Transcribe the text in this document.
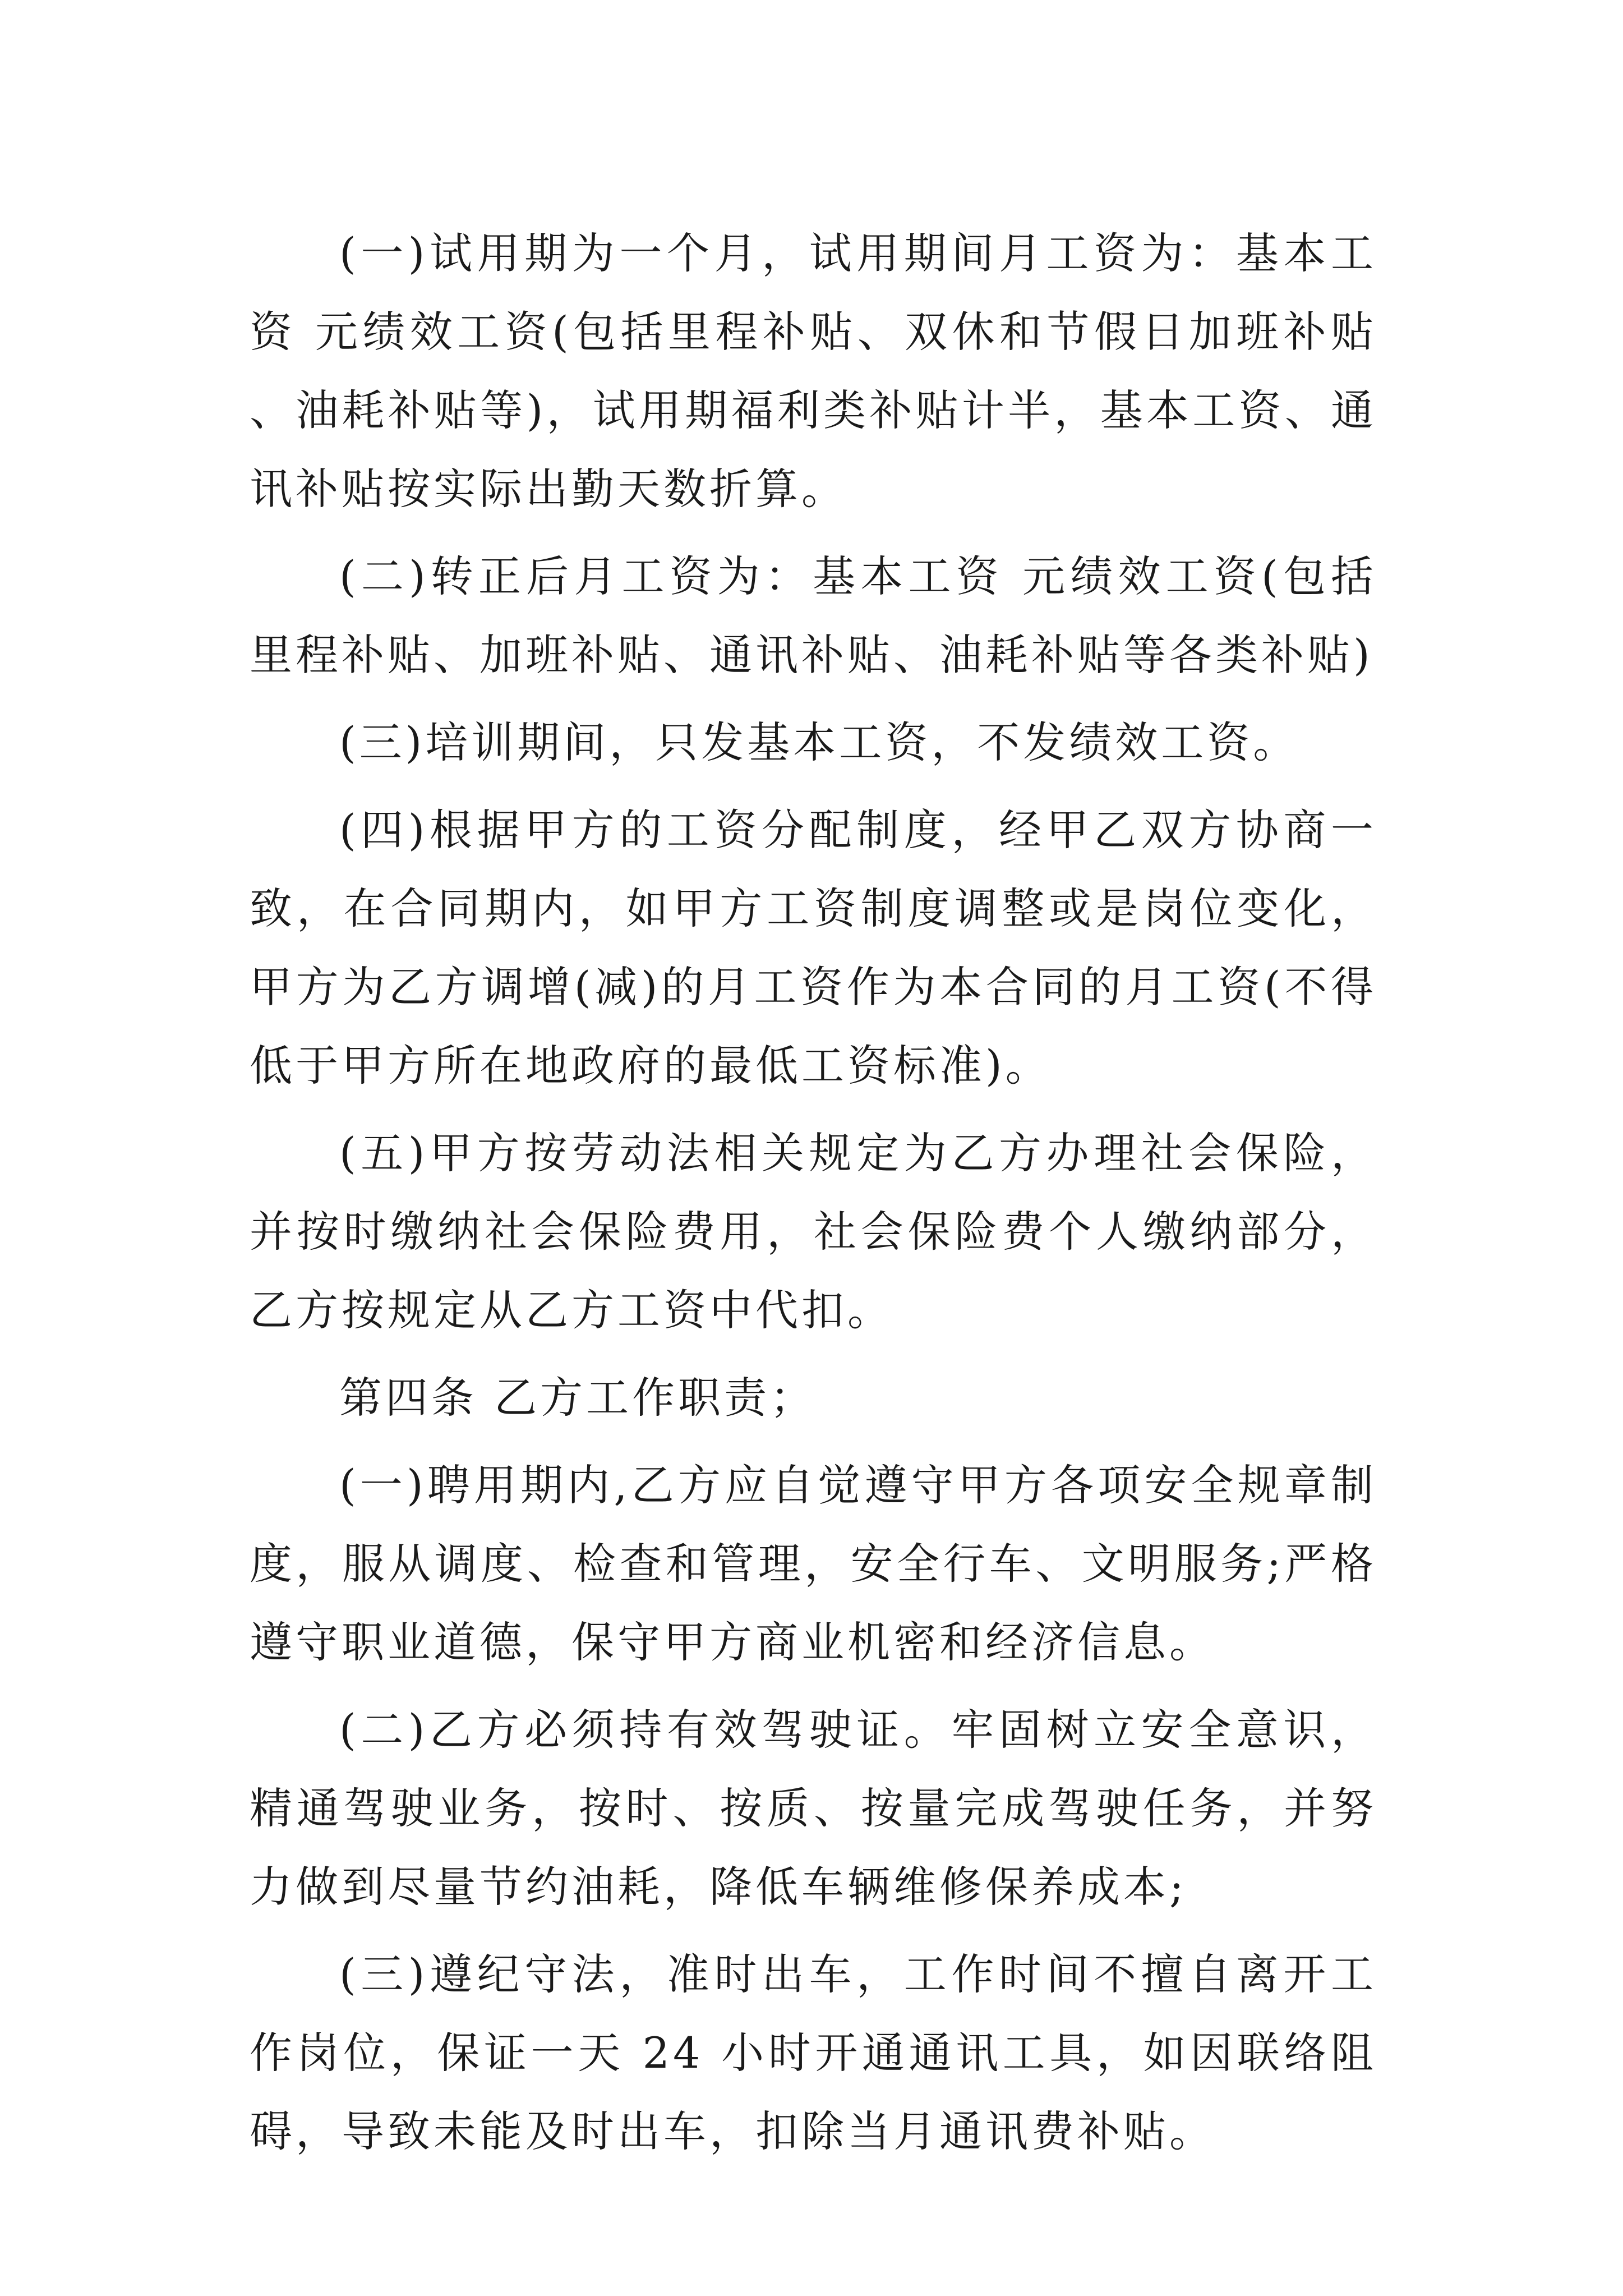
(一)试用期为一个月，试用期间月工资为：基本工资 元绩效工资(包括里程补贴、双休和节假日加班补贴、油耗补贴等)，试用期福利类补贴计半，基本工资、通讯补贴按实际出勤天数折算。

(二)转正后月工资为：基本工资 元绩效工资(包括里程补贴、加班补贴、通讯补贴、油耗补贴等各类补贴)

(三)培训期间，只发基本工资，不发绩效工资。

(四)根据甲方的工资分配制度，经甲乙双方协商一致，在合同期内，如甲方工资制度调整或是岗位变化，甲方为乙方调增(减)的月工资作为本合同的月工资(不得低于甲方所在地政府的最低工资标准)。

(五)甲方按劳动法相关规定为乙方办理社会保险，并按时缴纳社会保险费用，社会保险费个人缴纳部分，乙方按规定从乙方工资中代扣。

第四条 乙方工作职责；

(一)聘用期内,乙方应自觉遵守甲方各项安全规章制度，服从调度、检查和管理，安全行车、文明服务;严格遵守职业道德，保守甲方商业机密和经济信息。

(二)乙方必须持有效驾驶证。牢固树立安全意识，精通驾驶业务，按时、按质、按量完成驾驶任务，并努力做到尽量节约油耗，降低车辆维修保养成本;

(三)遵纪守法，准时出车，工作时间不擅自离开工作岗位，保证一天 24 小时开通通讯工具，如因联络阻碍，导致未能及时出车，扣除当月通讯费补贴。
